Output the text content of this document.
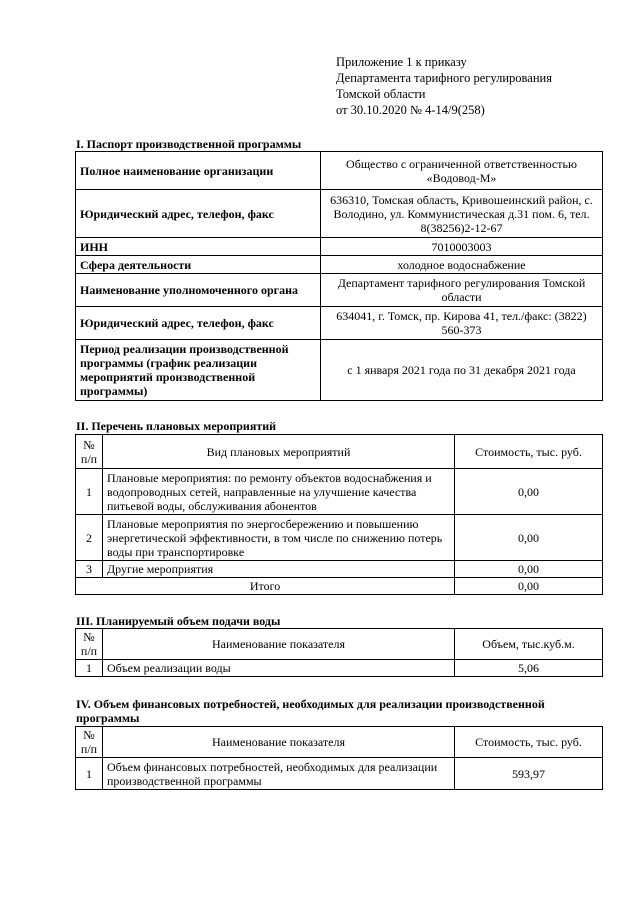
Приложение 1 к приказу
Департамента тарифного регулирования
Томской области
от 30.10.2020 № 4-14/9(258)
I. Паспорт производственной программы
Полное наименование организации	Общество с ограниченной ответственностью «Водовод-М»
Юридический адрес, телефон, факс	636310, Томская область, Кривошеинский район, с. Володино, ул. Коммунистическая д.31 пом. 6, тел. 8(38256)2-12-67
ИНН	7010003003
Сфера деятельности	холодное водоснабжение
Наименование уполномоченного органа	Департамент тарифного регулирования Томской области
Юридический адрес, телефон, факс	634041, г. Томск, пр. Кирова 41, тел./факс: (3822) 560-373
Период реализации производственной программы (график реализации мероприятий производственной программы)	с 1 января 2021 года по 31 декабря 2021 года
II. Перечень плановых мероприятий
№ п/п	Вид плановых мероприятий	Стоимость, тыс. руб.
1	Плановые мероприятия: по ремонту объектов водоснабжения и водопроводных сетей, направленные на улучшение качества питьевой воды, обслуживания абонентов	0,00
2	Плановые мероприятия по энергосбережению и повышению энергетической эффективности, в том числе по снижению потерь воды при транспортировке	0,00
3	Другие мероприятия	0,00
Итого		0,00
III. Планируемый объем подачи воды
№ п/п	Наименование показателя	Объем, тыс.куб.м.
1	Объем реализации воды	5,06
IV. Объем финансовых потребностей, необходимых для реализации производственной программы
№ п/п	Наименование показателя	Стоимость, тыс. руб.
1	Объем финансовых потребностей, необходимых для реализации производственной программы	593,97
